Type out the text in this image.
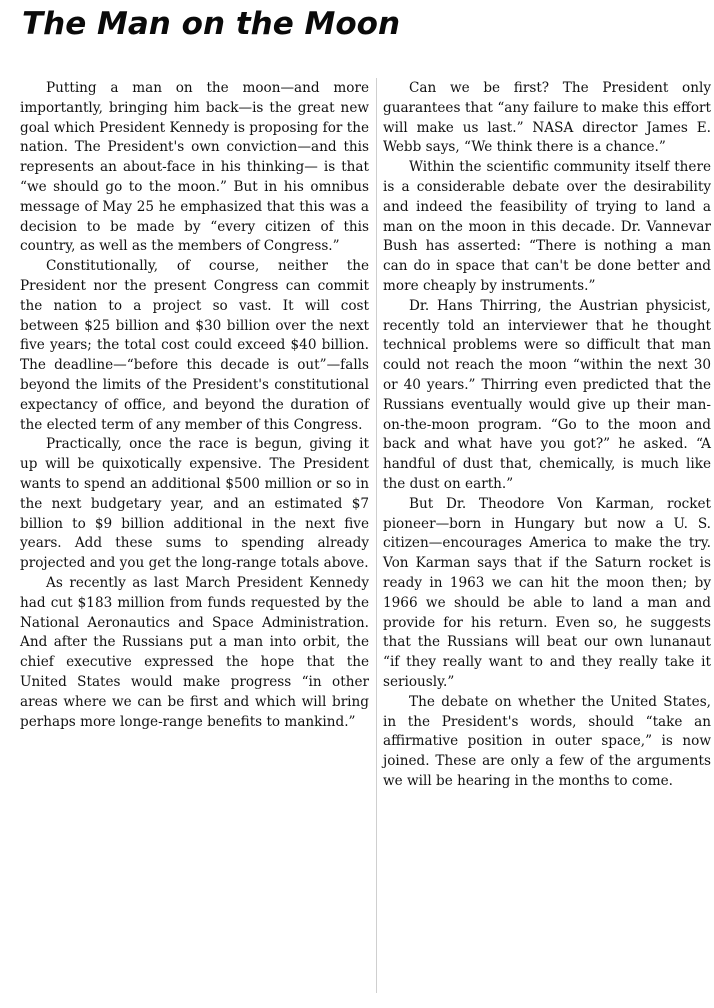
The Man on the Moon

Putting a man on the moon—and more importantly, bringing him back—is the great new goal which President Kennedy is proposing for the nation. The President's own conviction—and this represents an about-face in his thinking— is that “we should go to the moon.” But in his omnibus message of May 25 he emphasized that this was a decision to be made by “every citizen of this country, as well as the members of Congress.”

Constitutionally, of course, neither the President nor the present Congress can commit the nation to a project so vast. It will cost between $25 billion and $30 billion over the next five years; the total cost could exceed $40 billion. The deadline—“before this decade is out”—falls beyond the limits of the President's constitutional expectancy of office, and beyond the duration of the elected term of any member of this Congress.

Practically, once the race is begun, giving it up will be quixotically expensive. The President wants to spend an additional $500 million or so in the next budgetary year, and an estimated $7 billion to $9 billion additional in the next five years. Add these sums to spending already projected and you get the long-range totals above.

As recently as last March President Kennedy had cut $183 million from funds requested by the National Aeronautics and Space Administration. And after the Russians put a man into orbit, the chief executive expressed the hope that the United States would make progress “in other areas where we can be first and which will bring perhaps more longe-range benefits to mankind.”

Can we be first? The President only guarantees that “any failure to make this effort will make us last.” NASA director James E. Webb says, “We think there is a chance.”

Within the scientific community itself there is a considerable debate over the desirability and indeed the feasibility of trying to land a man on the moon in this decade. Dr. Vannevar Bush has asserted: “There is nothing a man can do in space that can't be done better and more cheaply by instruments.”

Dr. Hans Thirring, the Austrian physicist, recently told an interviewer that he thought technical problems were so difficult that man could not reach the moon “within the next 30 or 40 years.” Thirring even predicted that the Russians eventually would give up their man-on-the-moon program. “Go to the moon and back and what have you got?” he asked. “A handful of dust that, chemically, is much like the dust on earth.”

But Dr. Theodore Von Karman, rocket pioneer—born in Hungary but now a U. S. citizen—encourages America to make the try. Von Karman says that if the Saturn rocket is ready in 1963 we can hit the moon then; by 1966 we should be able to land a man and provide for his return. Even so, he suggests that the Russians will beat our own lunanaut “if they really want to and they really take it seriously.”

The debate on whether the United States, in the President's words, should “take an affirmative position in outer space,” is now joined. These are only a few of the arguments we will be hearing in the months to come.
